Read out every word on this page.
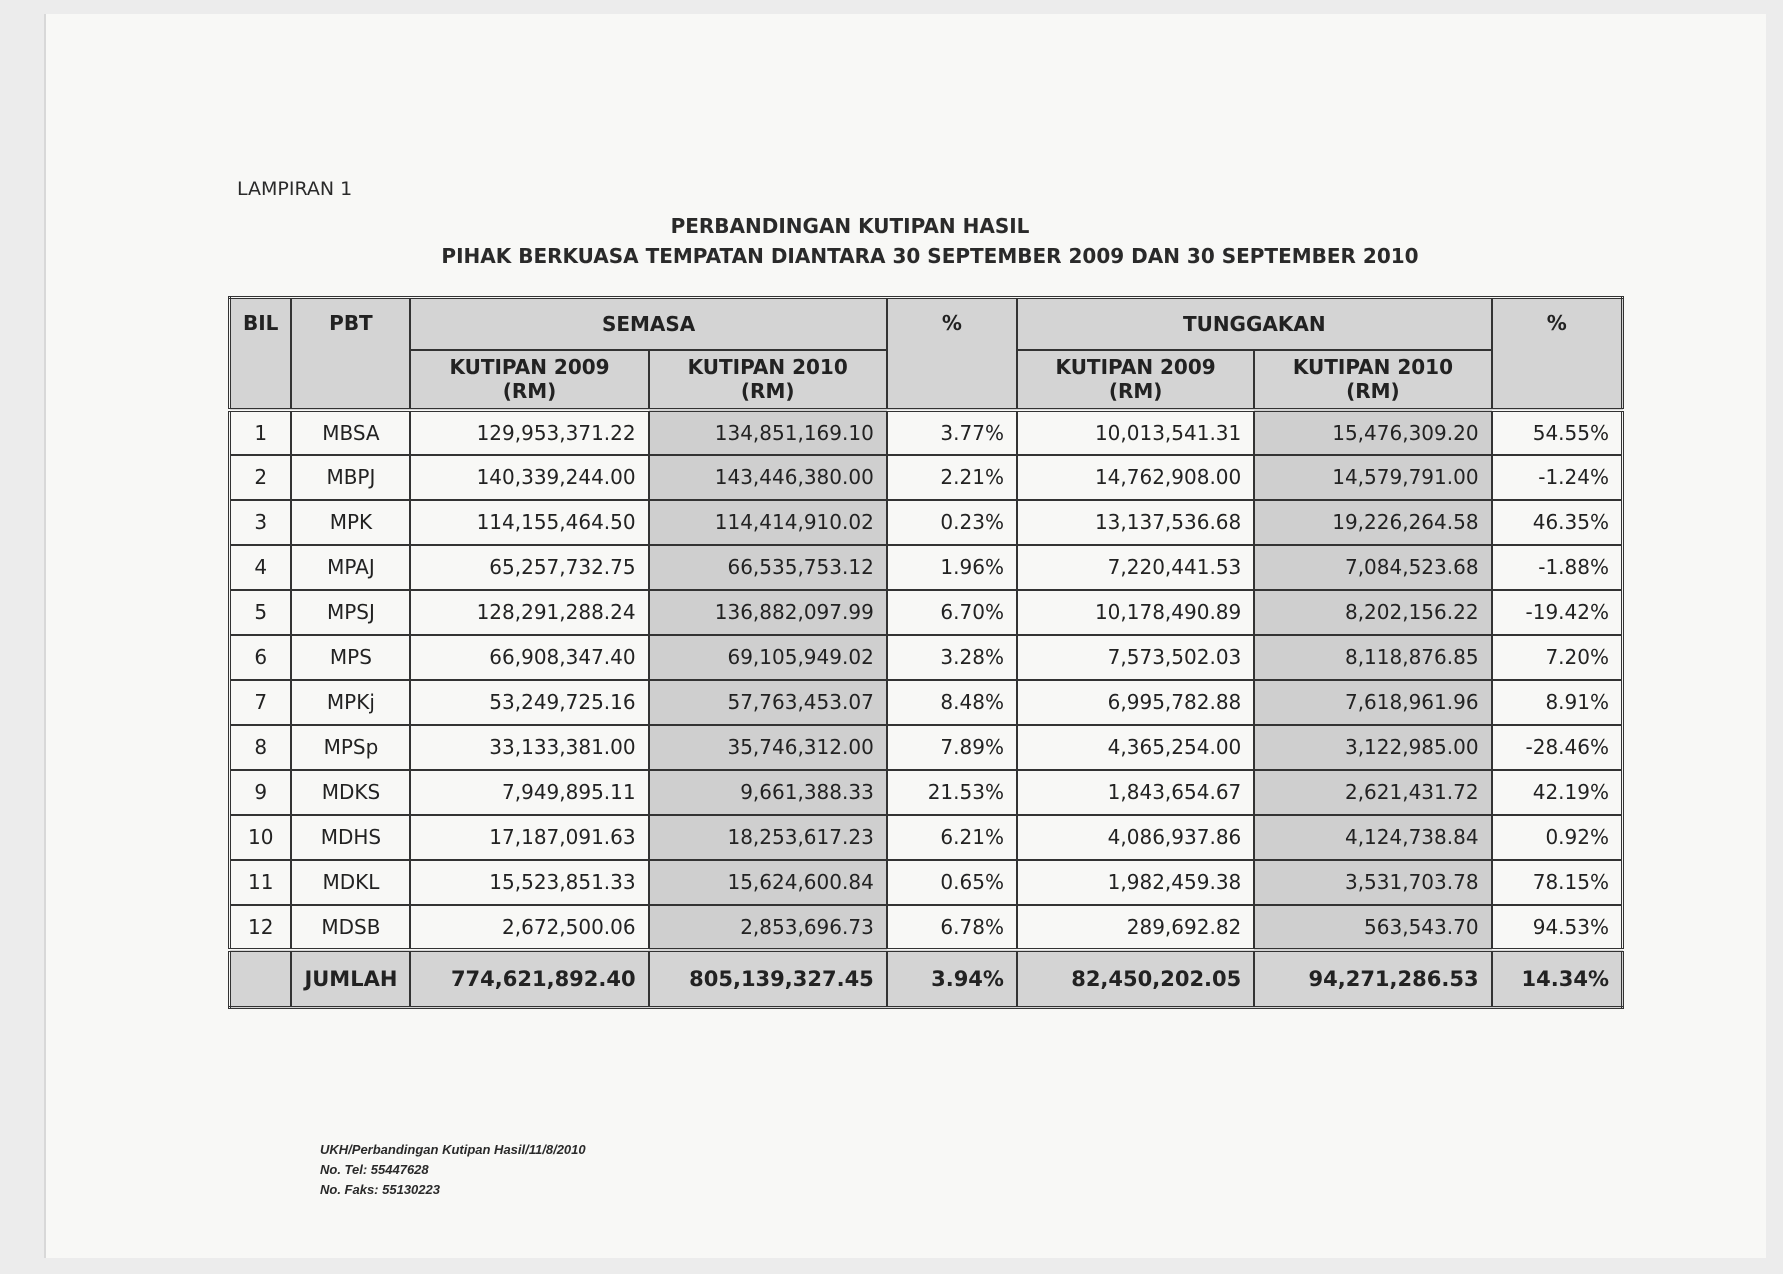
LAMPIRAN 1
PERBANDINGAN KUTIPAN HASIL
PIHAK BERKUASA TEMPATAN DIANTARA 30 SEPTEMBER 2009 DAN 30 SEPTEMBER 2010
BIL	PBT	SEMASA		%	TUNGGAKAN		%
		KUTIPAN 2009 (RM)	KUTIPAN 2010 (RM)		KUTIPAN 2009 (RM)	KUTIPAN 2010 (RM)	
1	MBSA	129,953,371.22	134,851,169.10	3.77%	10,013,541.31	15,476,309.20	54.55%
2	MBPJ	140,339,244.00	143,446,380.00	2.21%	14,762,908.00	14,579,791.00	-1.24%
3	MPK	114,155,464.50	114,414,910.02	0.23%	13,137,536.68	19,226,264.58	46.35%
4	MPAJ	65,257,732.75	66,535,753.12	1.96%	7,220,441.53	7,084,523.68	-1.88%
5	MPSJ	128,291,288.24	136,882,097.99	6.70%	10,178,490.89	8,202,156.22	-19.42%
6	MPS	66,908,347.40	69,105,949.02	3.28%	7,573,502.03	8,118,876.85	7.20%
7	MPKj	53,249,725.16	57,763,453.07	8.48%	6,995,782.88	7,618,961.96	8.91%
8	MPSp	33,133,381.00	35,746,312.00	7.89%	4,365,254.00	3,122,985.00	-28.46%
9	MDKS	7,949,895.11	9,661,388.33	21.53%	1,843,654.67	2,621,431.72	42.19%
10	MDHS	17,187,091.63	18,253,617.23	6.21%	4,086,937.86	4,124,738.84	0.92%
11	MDKL	15,523,851.33	15,624,600.84	0.65%	1,982,459.38	3,531,703.78	78.15%
12	MDSB	2,672,500.06	2,853,696.73	6.78%	289,692.82	563,543.70	94.53%
	JUMLAH	774,621,892.40	805,139,327.45	3.94%	82,450,202.05	94,271,286.53	14.34%
UKH/Perbandingan Kutipan Hasil/11/8/2010
No. Tel: 55447628
No. Faks: 55130223
